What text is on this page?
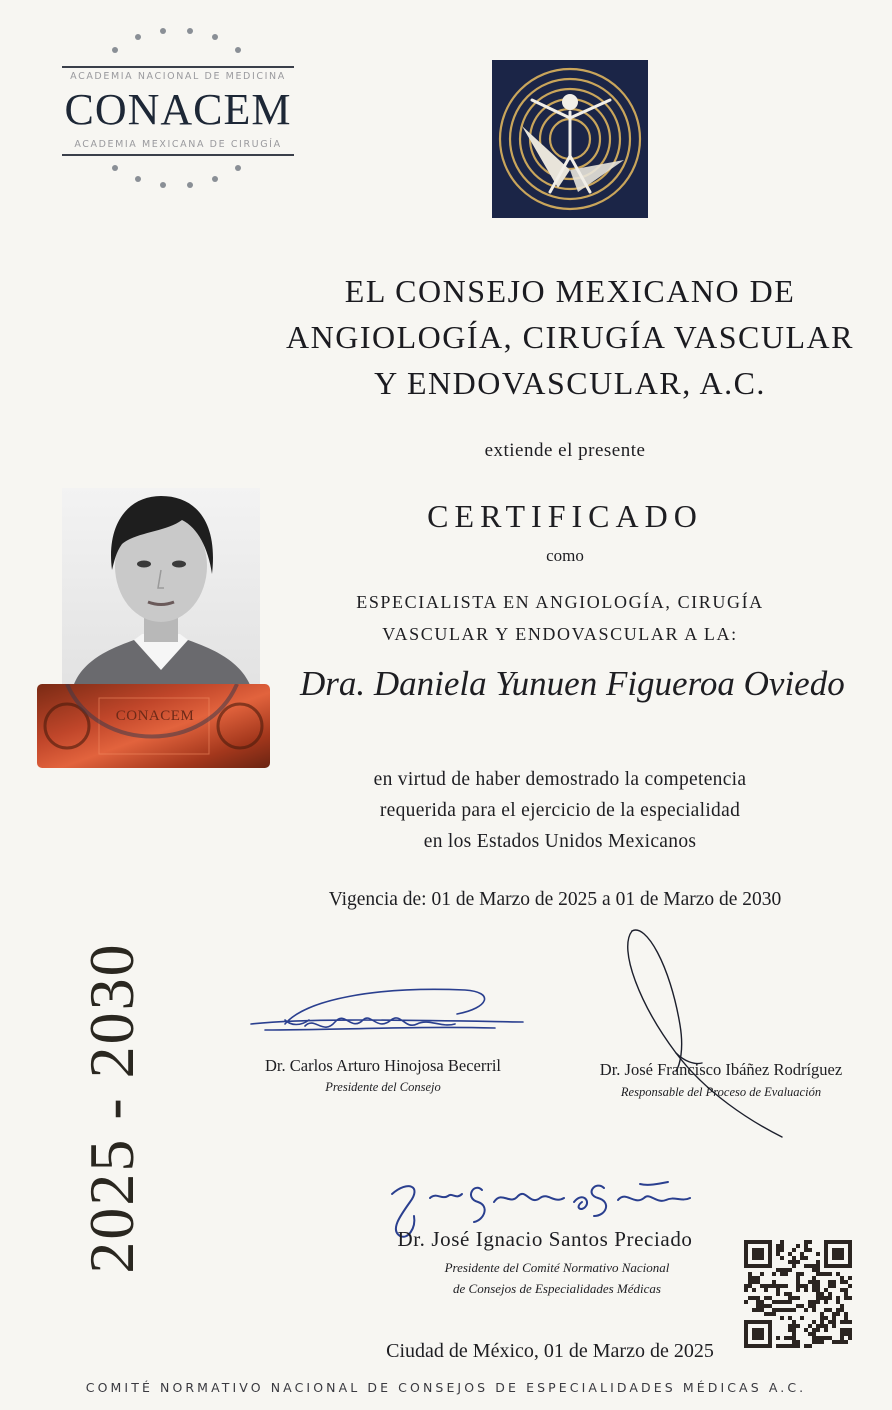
ACADEMIA NACIONAL DE MEDICINA
CONACEM
ACADEMIA MEXICANA DE CIRUGÍA
EL CONSEJO MEXICANO DE
ANGIOLOGÍA, CIRUGÍA VASCULAR
Y ENDOVASCULAR, A.C.
extiende el presente
CERTIFICADO
como
ESPECIALISTA EN ANGIOLOGÍA, CIRUGÍA
VASCULAR Y ENDOVASCULAR A LA:
Dra. Daniela Yunuen Figueroa Oviedo
en virtud de haber demostrado la competencia
requerida para el ejercicio de la especialidad
en los Estados Unidos Mexicanos
Vigencia de: 01 de Marzo de 2025 a 01 de Marzo de 2030
CONACEM
2025 - 2030	Dr. Carlos Arturo Hinojosa Becerril
Presidente del Consejo
Dr. José Francisco Ibáñez Rodríguez
Responsable del Proceso de Evaluación
Dr. José Ignacio Santos Preciado
Presidente del Comité Normativo Nacional
de Consejos de Especialidades Médicas
Ciudad de México, 01 de Marzo de 2025
COMITÉ NORMATIVO NACIONAL DE CONSEJOS DE ESPECIALIDADES MÉDICAS A.C.
